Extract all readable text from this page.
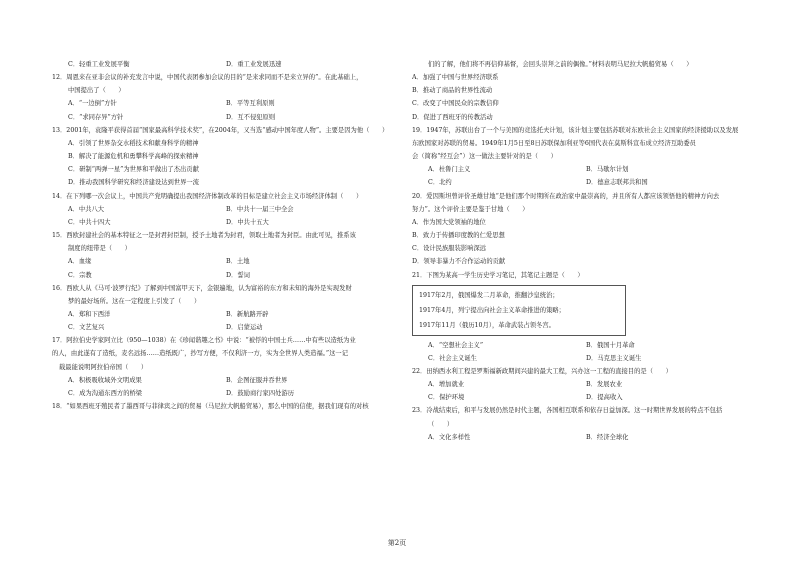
C．轻重工业发展平衡	D．重工业发展迅速
12．周恩来在亚非会议的补充发言中说，中国代表团参加会议的目的“是来求同而不是来立异的”。在此基础上，
中国提出了（　　）
A．“一边倒”方针	B．平等互利原则
C．“求同存异”方针	D．互不侵犯原则
13．2001年，袁隆平获得首届“国家最高科学技术奖”，在2004年，又当选“感动中国年度人物”。主要是因为他（　　）
A．引领了世界杂交水稻技术和献身科学的精神
B．解决了能源危机和勇攀科学高峰的探索精神
C．研制“两弹一星”为世界和平做出了杰出贡献
D．推动我国科学研究和经济建设达到世界一流
14．在下列哪一次会议上，中国共产党明确提出我国经济体制改革的目标是建立社会主义市场经济体制（　　）
A．中共八大	B．中共十一届三中全会
C．中共十四大	D．中共十五大
15．西欧封建社会的基本特征之一是封君封臣制，授予土地者为封君，领取土地者为封臣。由此可见，推系该
制度的纽带是（　　）
A．血缘	B．土地
C．宗教	D．誓词
16．西欧人从《马可·波罗行纪》了解到中国富甲天下，金银遍地，认为富裕的东方和未知的海外是实现发财
梦的最好场所。这在一定程度上引发了（　　）
A．郑和下西洋	B．新航路开辟
C．文艺复兴	D．启蒙运动
17．阿拉伯史学家阿立比（950—1038）在《珍闻谐趣之书》中说：“被俘的中国士兵……中有些以造纸为业
的人，由此遂有了造纸，麦名远扬……造纸既广，抄写方便，不仅利济一方，实为全世界人类造福。”这一记
载最能说明阿拉伯帝国（　　）
A．积极吸收域外文明成果	B．企图征服并吞世界
C．成为沟通东西方的桥梁	D．鼓励商行家四处游历
18．“如果西班牙殖民者了墨西哥与菲律宾之间的贸易（马尼拉大帆船贸易），那么中国的信使，据我们现有的对核
们的了解，他们将不再信仰基督，会回头崇拜之前的偶像。”材料表明马尼拉大帆船贸易（　　）
A．加强了中国与世界经济联系
B．推动了商品的世界性流动
C．改变了中国民众的宗教信仰
D．促进了西班牙的传教活动
19．1947年，苏联出台了一个与美国的竞选托夫计划，该计划主要包括苏联对东欧社会主义国家的经济援助以及发展
东欧国家对苏联的贸易。1949年1月5日至8日苏联保加利亚等6国代表在莫斯科宣布成立经济互助委员
会（简称“经互会”）这一做法主要针对的是（　　）
A．杜鲁门主义	B．马歇尔计划
C．北约	D．德意志联邦共和国
20．爱因斯坦曾评价圣雄甘地“是他们那个时期所在政治家中最崇高的，并且所有人都应该领悟他的精神方向去
努力”。这个评价主要是鉴于甘地（　　）
A．作为国大党领袖的地位
B．致力于传播印度教的仁爱思想
C．设计民族服装影响深远
D．领导非暴力不合作运动的贡献
21．下图为某高一学生历史学习笔记，其笔记主题是（　　）
1917年2月，俄国爆发二月革命，推翻沙皇统治；
1917年4月，列宁提出向社会主义革命推进的策略；
1917年11月（俄历10月），革命武装占领冬宫。
A．“空想社会主义”	B．俄国十月革命
C．社会主义诞生	D．马克思主义诞生
22．田纳西水利工程是罗斯福新政期间兴建的最大工程，兴办这一工程的直接目的是（　　）
A．增加就业	B．发展农业
C．保护环境	D．提高收入
23．冷战结束后，和平与发展仍然是时代主题，各国相互联系和依存日益加深。这一时期世界发展的特点不包括
（　　）
A．文化多样性	B．经济全球化
第2页
